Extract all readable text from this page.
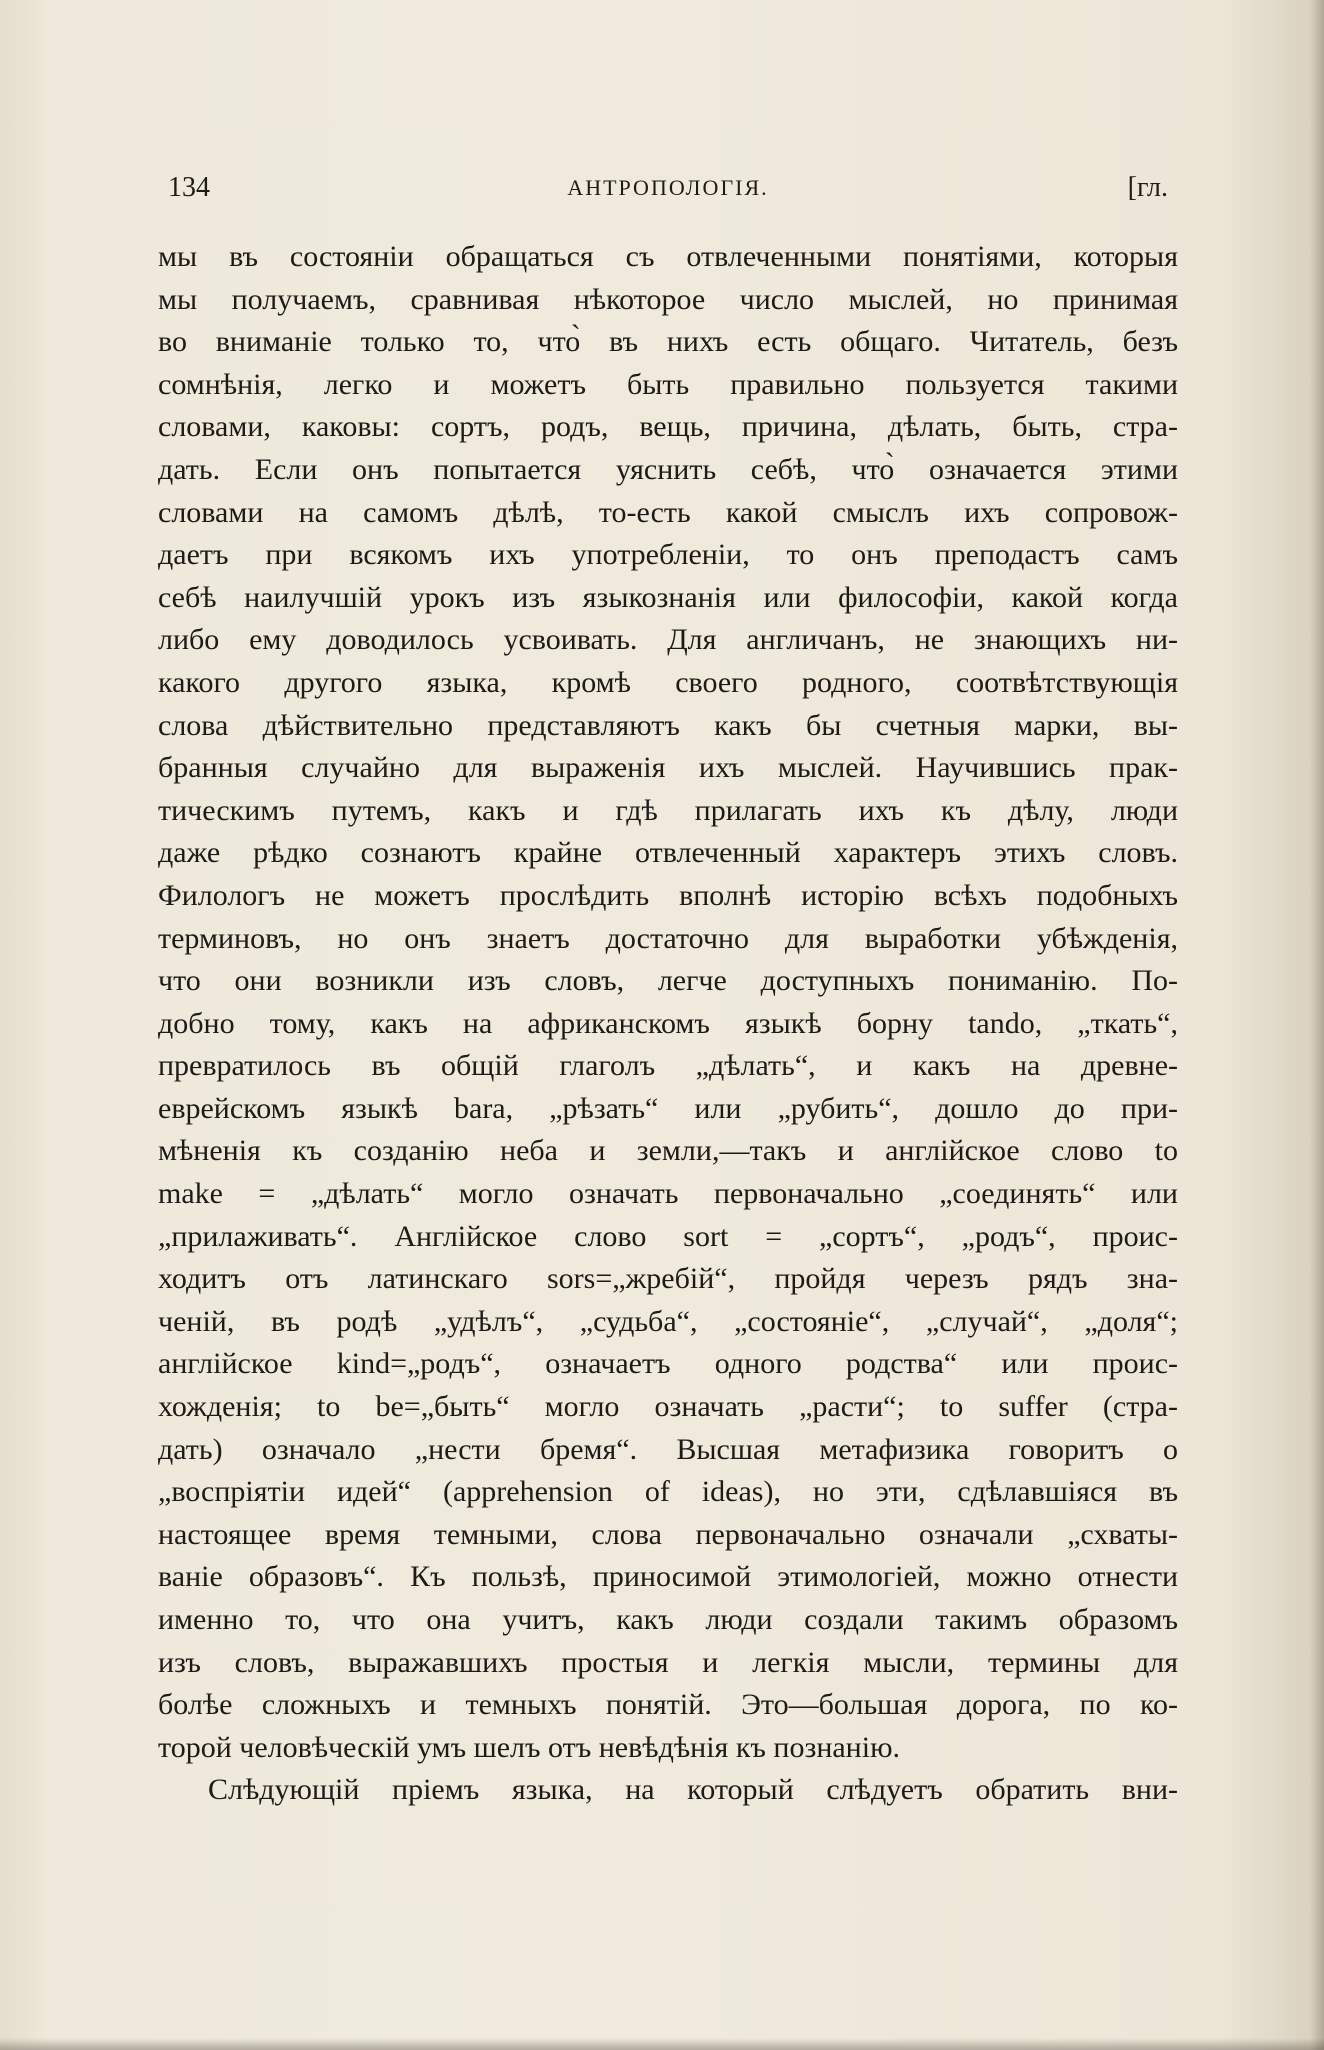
134	АНТРОПОЛОГІЯ.	[гл.
мы въ состояніи обращаться съ отвлеченными понятіями, которыя
мы получаемъ, сравнивая нѣкоторое число мыслей, но принимая
во вниманіе только то, что̀ въ нихъ есть общаго. Читатель, безъ
сомнѣнія, легко и можетъ быть правильно пользуется такими
словами, каковы: сортъ, родъ, вещь, причина, дѣлать, быть, стра-
дать. Если онъ попытается уяснить себѣ, что̀ означается этими
словами на самомъ дѣлѣ, то-есть какой смыслъ ихъ сопровож-
даетъ при всякомъ ихъ употребленіи, то онъ преподастъ самъ
себѣ наилучшій урокъ изъ языкознанія или философіи, какой когда
либо ему доводилось усвоивать. Для англичанъ, не знающихъ ни-
какого другого языка, кромѣ своего родного, соотвѣтствующія
слова дѣйствительно представляютъ какъ бы счетныя марки, вы-
бранныя случайно для выраженія ихъ мыслей. Научившись прак-
тическимъ путемъ, какъ и гдѣ прилагать ихъ къ дѣлу, люди
даже рѣдко сознаютъ крайне отвлеченный характеръ этихъ словъ.
Филологъ не можетъ прослѣдить вполнѣ исторію всѣхъ подобныхъ
терминовъ, но онъ знаетъ достаточно для выработки убѣжденія,
что они возникли изъ словъ, легче доступныхъ пониманію. По-
добно тому, какъ на африканскомъ языкѣ борну tando, „ткать“,
превратилось въ общій глаголъ „дѣлать“, и какъ на древне-
еврейскомъ языкѣ bara, „рѣзать“ или „рубить“, дошло до при-
мѣненія къ созданію неба и земли,—такъ и англійское слово to
make = „дѣлать“ могло означать первоначально „соединять“ или
„прилаживать“. Англійское слово sort = „сортъ“, „родъ“, проис-
ходитъ отъ латинскаго sors=„жребій“, пройдя черезъ рядъ зна-
ченій, въ родѣ „удѣлъ“, „судьба“, „состояніе“, „случай“, „доля“;
англійское kind=„родъ“, означаетъ одного родства“ или проис-
хожденія; to be=„быть“ могло означать „расти“; to suffer (стра-
дать) означало „нести бремя“. Высшая метафизика говоритъ о
„воспріятіи идей“ (apprehension of ideas), но эти, сдѣлавшіяся въ
настоящее время темными, слова первоначально означали „схваты-
ваніе образовъ“. Къ пользѣ, приносимой этимологіей, можно отнести
именно то, что она учитъ, какъ люди создали такимъ образомъ
изъ словъ, выражавшихъ простыя и легкія мысли, термины для
болѣе сложныхъ и темныхъ понятій. Это—большая дорога, по ко-
торой человѣческій умъ шелъ отъ невѣдѣнія къ познанію.
Слѣдующій пріемъ языка, на который слѣдуетъ обратить вни-
